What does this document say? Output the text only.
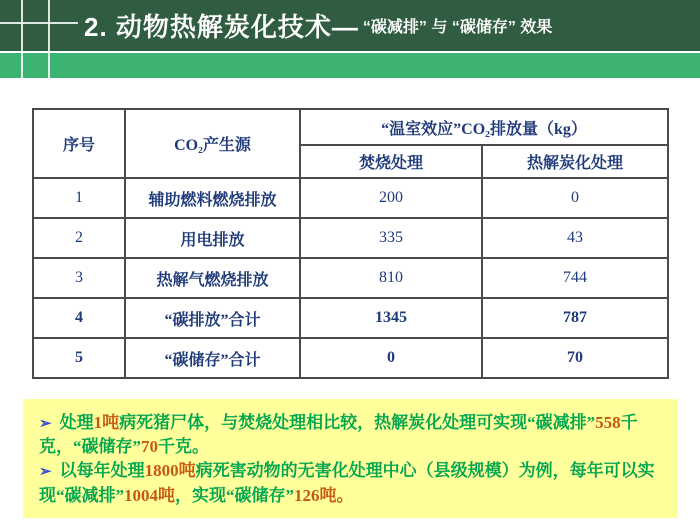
2. 动物热解炭化技术— “碳减排” 与 “碳储存” 效果
序号	CO₂产生源	“温室效应”CO₂排放量（kg）	
		焚烧处理	热解炭化处理
1	辅助燃料燃烧排放	200	0
2	用电排放	335	43
3	热解气燃烧排放	810	744
4	“碳排放”合计	1345	787
5	“碳储存”合计	0	70
➢ 处理1吨病死猪尸体，与焚烧处理相比较，热解炭化处理可实现“碳减排”558千克，“碳储存”70千克。
➢ 以每年处理1800吨病死害动物的无害化处理中心（县级规模）为例，每年可以实现“碳减排”1004吨，实现“碳储存”126吨。
